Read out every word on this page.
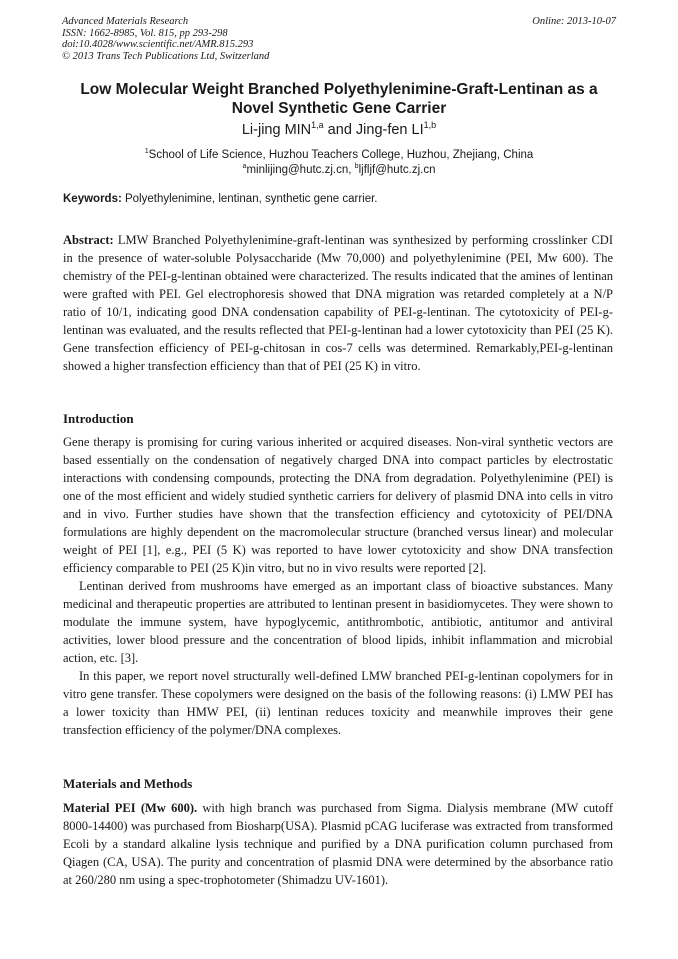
Advanced Materials Research
ISSN: 1662-8985, Vol. 815, pp 293-298
doi:10.4028/www.scientific.net/AMR.815.293
© 2013 Trans Tech Publications Ltd, Switzerland
Online: 2013-10-07
Low Molecular Weight Branched Polyethylenimine-Graft-Lentinan as a
Novel Synthetic Gene Carrier
Li-jing MIN$^{1,a}$ and Jing-fen LI$^{1,b}$
$^1$School of Life Science, Huzhou Teachers College, Huzhou, Zhejiang, China
$^a$minlijing@hutc.zj.cn, $^b$ljfljf@hutc.zj.cn
Keywords: Polyethylenimine, lentinan, synthetic gene carrier.

Abstract: LMW Branched Polyethylenimine-graft-lentinan was synthesized by performing crosslinker CDI in the presence of water-soluble Polysaccharide (Mw 70,000) and polyethylenimine (PEI, Mw 600). The chemistry of the PEI-g-lentinan obtained were characterized. The results indicated that the amines of lentinan were grafted with PEI. Gel electrophoresis showed that DNA migration was retarded completely at a N/P ratio of 10/1, indicating good DNA condensation capability of PEI-g-lentinan. The cytotoxicity of PEI-g-lentinan was evaluated, and the results reflected that PEI-g-lentinan had a lower cytotoxicity than PEI (25 K). Gene transfection efficiency of PEI-g-chitosan in cos-7 cells was determined. Remarkably,PEI-g-lentinan showed a higher transfection efficiency than that of PEI (25 K) in vitro.

Introduction

Gene therapy is promising for curing various inherited or acquired diseases. Non-viral synthetic vectors are based essentially on the condensation of negatively charged DNA into compact particles by electrostatic interactions with condensing compounds, protecting the DNA from degradation. Polyethylenimine (PEI) is one of the most efficient and widely studied synthetic carriers for delivery of plasmid DNA into cells in vitro and in vivo. Further studies have shown that the transfection efficiency and cytotoxicity of PEI/DNA formulations are highly dependent on the macromolecular structure (branched versus linear) and molecular weight of PEI [1], e.g., PEI (5 K) was reported to have lower cytotoxicity and show DNA transfection efficiency comparable to PEI (25 K)in vitro, but no in vivo results were reported [2].

Lentinan derived from mushrooms have emerged as an important class of bioactive substances. Many medicinal and therapeutic properties are attributed to lentinan present in basidiomycetes. They were shown to modulate the immune system, have hypoglycemic, antithrombotic, antibiotic, antitumor and antiviral activities, lower blood pressure and the concentration of blood lipids, inhibit inflammation and microbial action, etc. [3].

In this paper, we report novel structurally well-defined LMW branched PEI-g-lentinan copolymers for in vitro gene transfer. These copolymers were designed on the basis of the following reasons: (i) LMW PEI has a lower toxicity than HMW PEI, (ii) lentinan reduces toxicity and meanwhile improves their gene transfection efficiency of the polymer/DNA complexes.

Materials and Methods

Material PEI (Mw 600). with high branch was purchased from Sigma. Dialysis membrane (MW cutoff 8000-14400) was purchased from Biosharp(USA). Plasmid pCAG luciferase was extracted from transformed Ecoli by a standard alkaline lysis technique and purified by a DNA purification column purchased from Qiagen (CA, USA). The purity and concentration of plasmid DNA were determined by the absorbance ratio at 260/280 nm using a spec-trophotometer (Shimadzu UV-1601).
